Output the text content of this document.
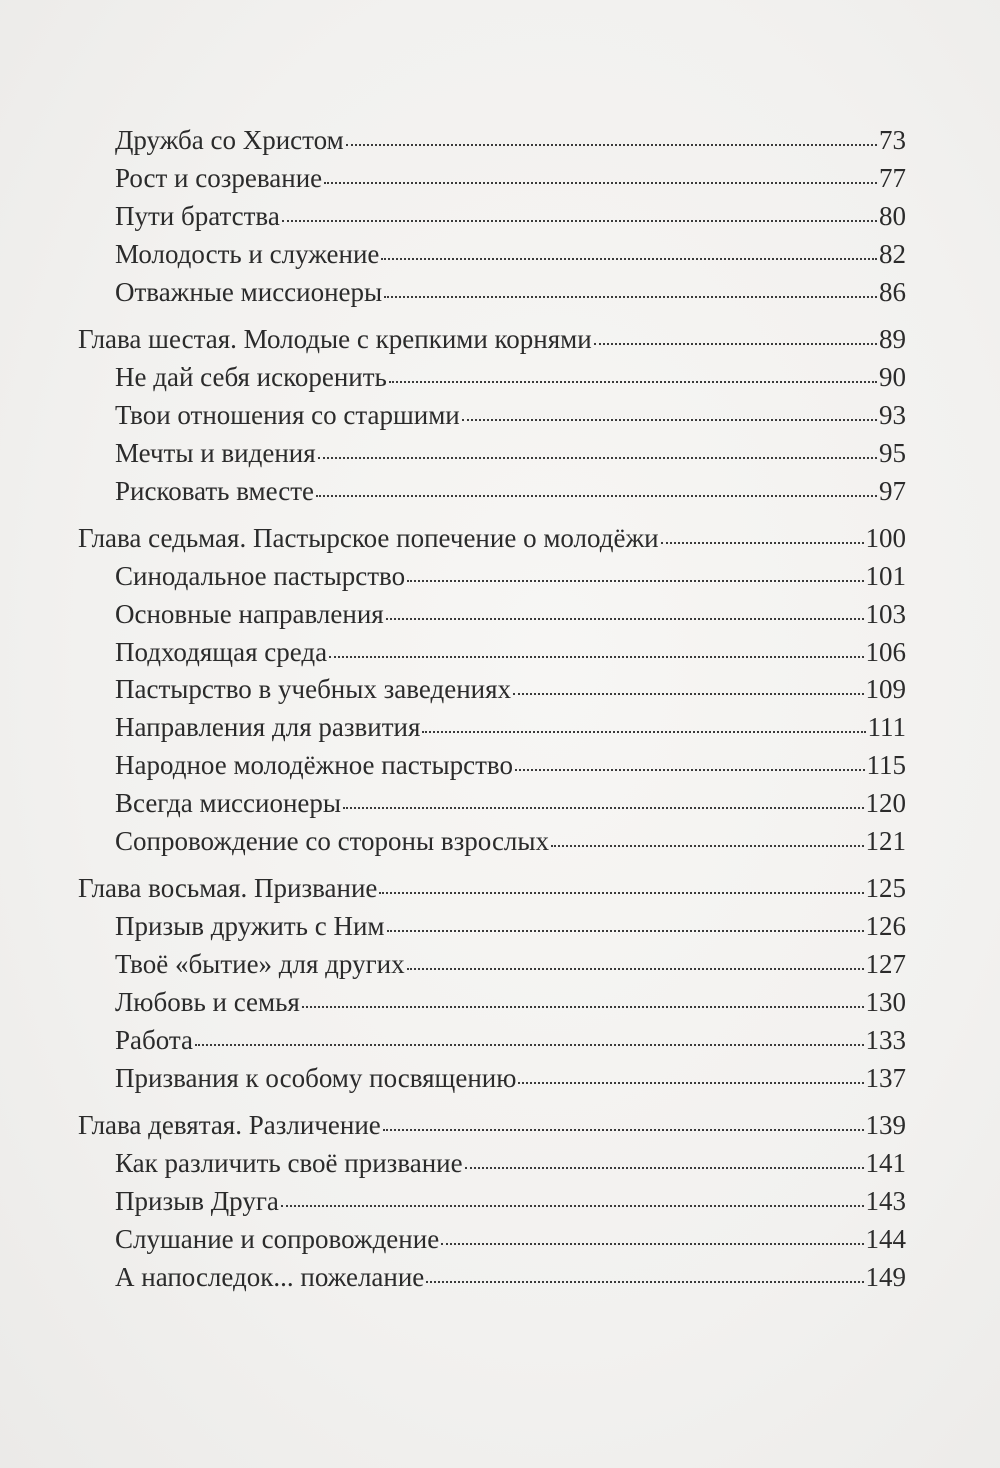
Дружба со Христом	73
Рост и созревание	77
Пути братства	80
Молодость и служение	82
Отважные миссионеры	86
Глава шестая. Молодые с крепкими корнями	89
Не дай себя искоренить	90
Твои отношения со старшими	93
Мечты и видения	95
Рисковать вместе	97
Глава седьмая. Пастырское попечение о молодёжи	100
Синодальное пастырство	101
Основные направления	103
Подходящая среда	106
Пастырство в учебных заведениях	109
Направления для развития	111
Народное молодёжное пастырство	115
Всегда миссионеры	120
Сопровождение со стороны взрослых	121
Глава восьмая. Призвание	125
Призыв дружить с Ним	126
Твоё «бытие» для других	127
Любовь и семья	130
Работа	133
Призвания к особому посвящению	137
Глава девятая. Различение	139
Как различить своё призвание	141
Призыв Друга	143
Слушание и сопровождение	144
А напоследок... пожелание	149
